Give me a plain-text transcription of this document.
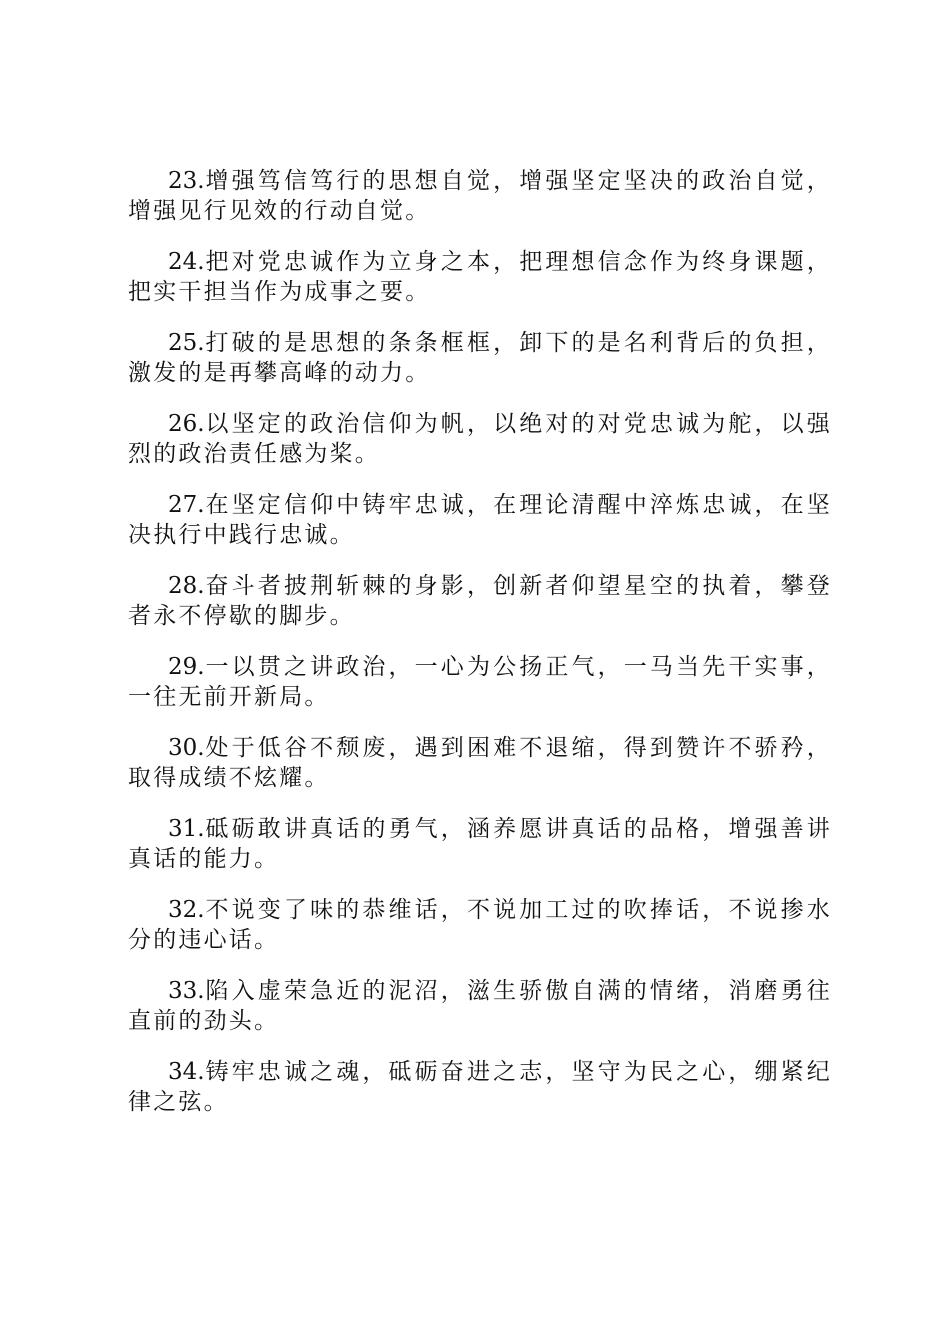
23.增强笃信笃行的思想自觉，增强坚定坚决的政治自觉，增强见行见效的行动自觉。

24.把对党忠诚作为立身之本，把理想信念作为终身课题，把实干担当作为成事之要。

25.打破的是思想的条条框框，卸下的是名利背后的负担，激发的是再攀高峰的动力。

26.以坚定的政治信仰为帆，以绝对的对党忠诚为舵，以强烈的政治责任感为桨。

27.在坚定信仰中铸牢忠诚，在理论清醒中淬炼忠诚，在坚决执行中践行忠诚。

28.奋斗者披荆斩棘的身影，创新者仰望星空的执着，攀登者永不停歇的脚步。

29.一以贯之讲政治，一心为公扬正气，一马当先干实事，一往无前开新局。

30.处于低谷不颓废，遇到困难不退缩，得到赞许不骄矜，取得成绩不炫耀。

31.砥砺敢讲真话的勇气，涵养愿讲真话的品格，增强善讲真话的能力。

32.不说变了味的恭维话，不说加工过的吹捧话，不说掺水分的违心话。

33.陷入虚荣急近的泥沼，滋生骄傲自满的情绪，消磨勇往直前的劲头。

34.铸牢忠诚之魂，砥砺奋进之志，坚守为民之心，绷紧纪律之弦。
